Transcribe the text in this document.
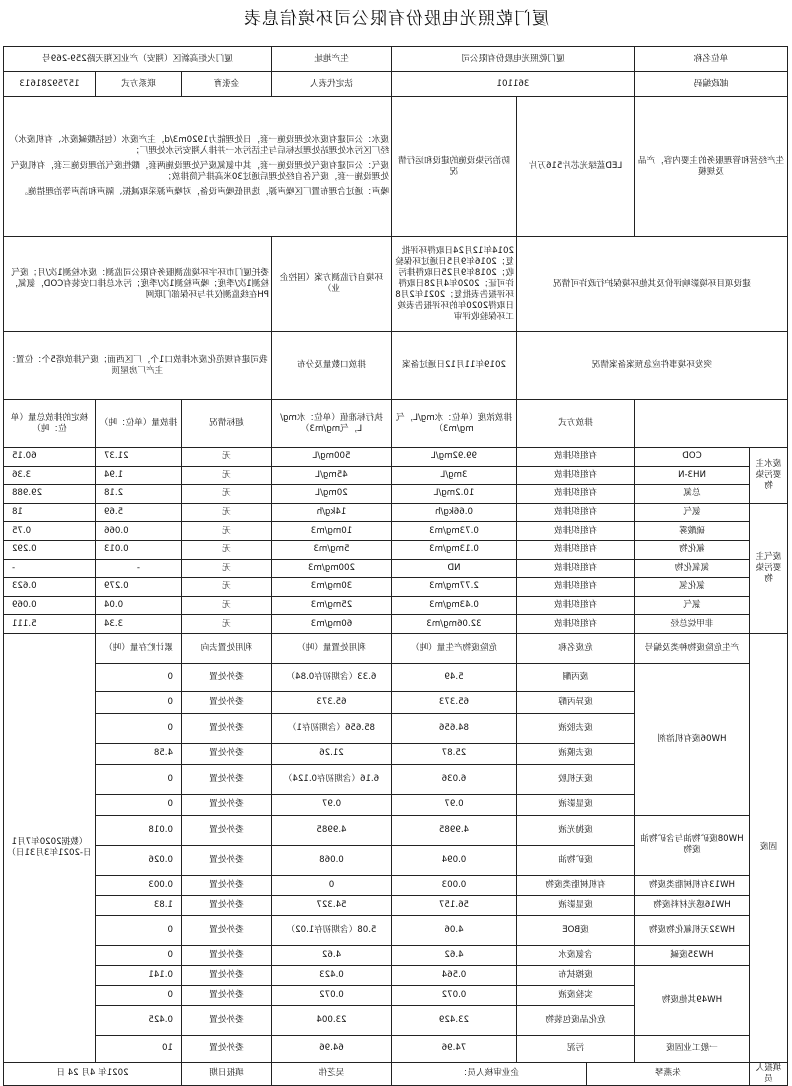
厦门乾照光电股份有限公司环境信息表
单位名称		厦门乾照光电股份有限公司			生产地址	厦门火炬高新区（翔安）产业区翔天路259-269号		
邮政编码		361101			法定代表人	金张育	联系方式	15759281613
生产经营和管理服务的主要内容，产品及规模		LED蓝绿光芯片516万片		防治污染设施的建设和运行情况	废水：公司建有废水处理设施一套，日处理能力1920m3/d，主产废水（包括酸碱废水、有机废水）经厂区污水处理站处理达标后与生活污水一并排入翔安污水处理厂；
废气：公司建有废气处理设施一套，其中氨氮废气处理设施两套，酸性废气治理设施三套，有机废气处理设施一套，废气各自经处理后通过30米高排气筒排放；
噪声：通过合理布置厂区噪声源，选用低噪声设备，对噪声源采取减振、隔声和消声等治理措施。			

建设项目环境影响评价及其他环境保护行政许可情况				2014年12月24日取得环评批复；2016年9月5日通过环保验收；2018年9月25日取得排污许可证；2020年4月28日取得环评报告表批复；2021年2月8日取得2020年的环评报告表竣工环保验收评审	环境自行监测方案（国控企业）	委托厦门市环宇环境监测服务有限公司监测：废水检测1次/月；废气检测1次/季度；噪声检测1次/季度；污水总排口安装有COD，氨氮，PH在线监测仪并与环保部门联网		
突发环境事件应急预案备案情况				2019年11月12日通过备案	排放口数量及分布	我司建有规范化废水排放口1个，厂区西面；废气排放塔5个：位置：主产厂房屋顶		
		排放方式		排放浓度（单位：水mg/L，气mg/m3）	执行标准值（单位：水mg/L，气mg/m3）	超标情况	排放量（单位：吨）	核定的排放总量（单位：吨）
废水主要污染物	COD	有组织排放		99.92mg/L	500mg/L	无	21.37	60.15
	NH3-N	有组织排放		3mg/L	45mg/L	无	1.94	3.36
	总氮	有组织排放		10.2mg/L	20mg/L	无	2.18	29.988
废气主要污染物	氨气	有组织排放		0.66kg/h	14kg/h	无	5.69	18
	硫酸雾	有组织排放		0.73mg/m3	10mg/m3	无	0.066	0.75
	氟化物	有组织排放		0.13mg/m3	5mg/m3	无	0.013	0.292
	氮氧化物	有组织排放		ND	200mg/m3	无	-	-
	氯化氢	有组织排放		2.77mg/m3	30mg/m3	无	0.279	0.623
	氯气	有组织排放		0.43mg/m3	25mg/m3	无	0.04	0.069
	非甲烷总烃	有组织排放		32.06mg/m3	60mg/m3	无	3.34	5.111
固废	产生危险废物种类及编号	危废名称		危险废物产生量（吨）	利用处置量（吨）	利用处置去向	累计贮存量（吨）	（数据2020年7月1日-2021年3月31日）
	HW06废有机溶剂	废丙酮		5.49	6.33（含期初存0.84）	委外处置	0	
		废异丙醇		65.373	65.373	委外处置	0	
		废去胶液		84.656	85.656（含期初存1）	委外处置	0	
		废去膜液		25.87	21.26	委外处置	4.58	
		废无机胶		6.036	6.16（含期初存0.124）	委外处置	0	
		废显影液		0.97	0.97	委外处置	0	
	HW08废矿物油与含矿物油废物	废抛光液		4.9985	4.9985	委外处置	0.018	
		废矿物油		0.094	0.068	委外处置	0.026	
	HW13有机树脂类废物	有机树脂类废物		0.003	0	委外处置	0.003	
	HW16感光材料废物	废显影液		56.157	54.327	委外处置	1.83	
	HW32无机氟化物废物	废BOE		4.06	5.08（含期初存1.02）	委外处置	0	
	HW35废碱	含氨废水		4.62	4.62	委外处置	0	
	HW49其他废物	废擦拭布		0.564	0.423	委外处置	0.141	
		实验废液		0.072	0.072	委外处置	0	
		危化品废包装物		23.429	23.004	委外处置	0.425	
	一般工业固废	污泥		74.96	64.96	委外处置	10	
填报人员	朱燕琴		企业审核人员：		吴芝伟	填报日期	2021年 4月 24 日	
